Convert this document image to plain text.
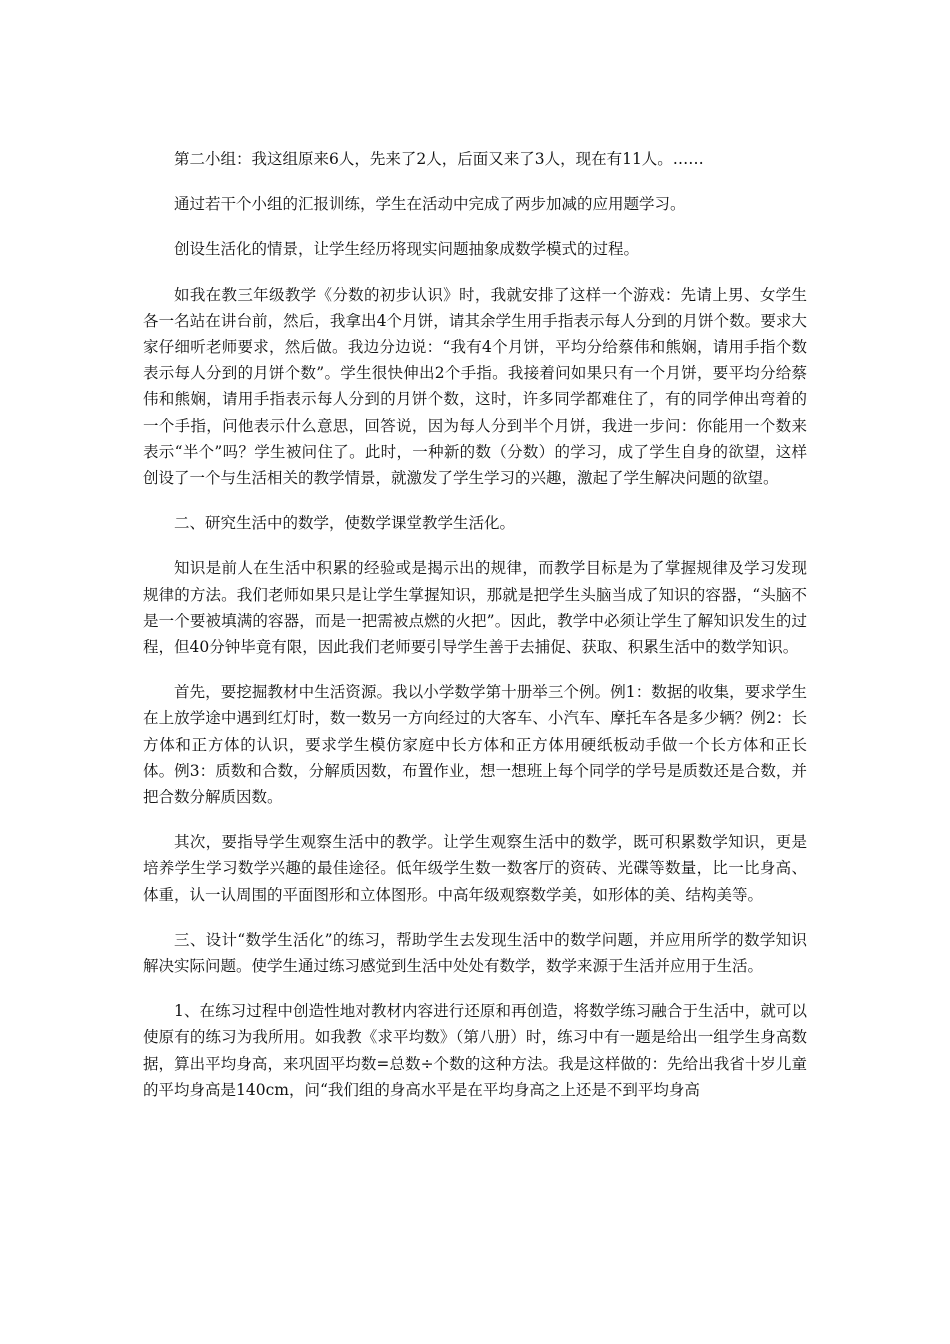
第二小组：我这组原来6人，先来了2人，后面又来了3人，现在有11人。……

通过若干个小组的汇报训练，学生在活动中完成了两步加减的应用题学习。

创设生活化的情景，让学生经历将现实问题抽象成数学模式的过程。

如我在教三年级教学《分数的初步认识》时，我就安排了这样一个游戏：先请上男、女学生各一名站在讲台前，然后，我拿出4个月饼，请其余学生用手指表示每人分到的月饼个数。要求大家仔细听老师要求，然后做。我边分边说：“我有4个月饼，平均分给蔡伟和熊娴，请用手指个数表示每人分到的月饼个数”。学生很快伸出2个手指。我接着问如果只有一个月饼，要平均分给蔡伟和熊娴，请用手指表示每人分到的月饼个数，这时，许多同学都难住了，有的同学伸出弯着的一个手指，问他表示什么意思，回答说，因为每人分到半个月饼，我进一步问：你能用一个数来表示“半个”吗？学生被问住了。此时，一种新的数（分数）的学习，成了学生自身的欲望，这样创设了一个与生活相关的教学情景，就激发了学生学习的兴趣，激起了学生解决问题的欲望。

二、研究生活中的数学，使数学课堂教学生活化。

知识是前人在生活中积累的经验或是揭示出的规律，而教学目标是为了掌握规律及学习发现规律的方法。我们老师如果只是让学生掌握知识，那就是把学生头脑当成了知识的容器，“头脑不是一个要被填满的容器，而是一把需被点燃的火把”。因此，教学中必须让学生了解知识发生的过程，但40分钟毕竟有限，因此我们老师要引导学生善于去捕促、获取、积累生活中的数学知识。

首先，要挖掘教材中生活资源。我以小学数学第十册举三个例。例1：数据的收集，要求学生在上放学途中遇到红灯时，数一数另一方向经过的大客车、小汽车、摩托车各是多少辆？例2：长方体和正方体的认识，要求学生模仿家庭中长方体和正方体用硬纸板动手做一个长方体和正长体。例3：质数和合数，分解质因数，布置作业，想一想班上每个同学的学号是质数还是合数，并把合数分解质因数。

其次，要指导学生观察生活中的教学。让学生观察生活中的数学，既可积累数学知识，更是培养学生学习数学兴趣的最佳途径。低年级学生数一数客厅的资砖、光碟等数量，比一比身高、体重，认一认周围的平面图形和立体图形。中高年级观察数学美，如形体的美、结构美等。

三、设计“数学生活化”的练习，帮助学生去发现生活中的数学问题，并应用所学的数学知识解决实际问题。使学生通过练习感觉到生活中处处有数学，数学来源于生活并应用于生活。

1、在练习过程中创造性地对教材内容进行还原和再创造，将数学练习融合于生活中，就可以使原有的练习为我所用。如我教《求平均数》（第八册）时，练习中有一题是给出一组学生身高数据，算出平均身高，来巩固平均数=总数÷个数的这种方法。我是这样做的：先给出我省十岁儿童的平均身高是140cm，问“我们组的身高水平是在平均身高之上还是不到平均身高
